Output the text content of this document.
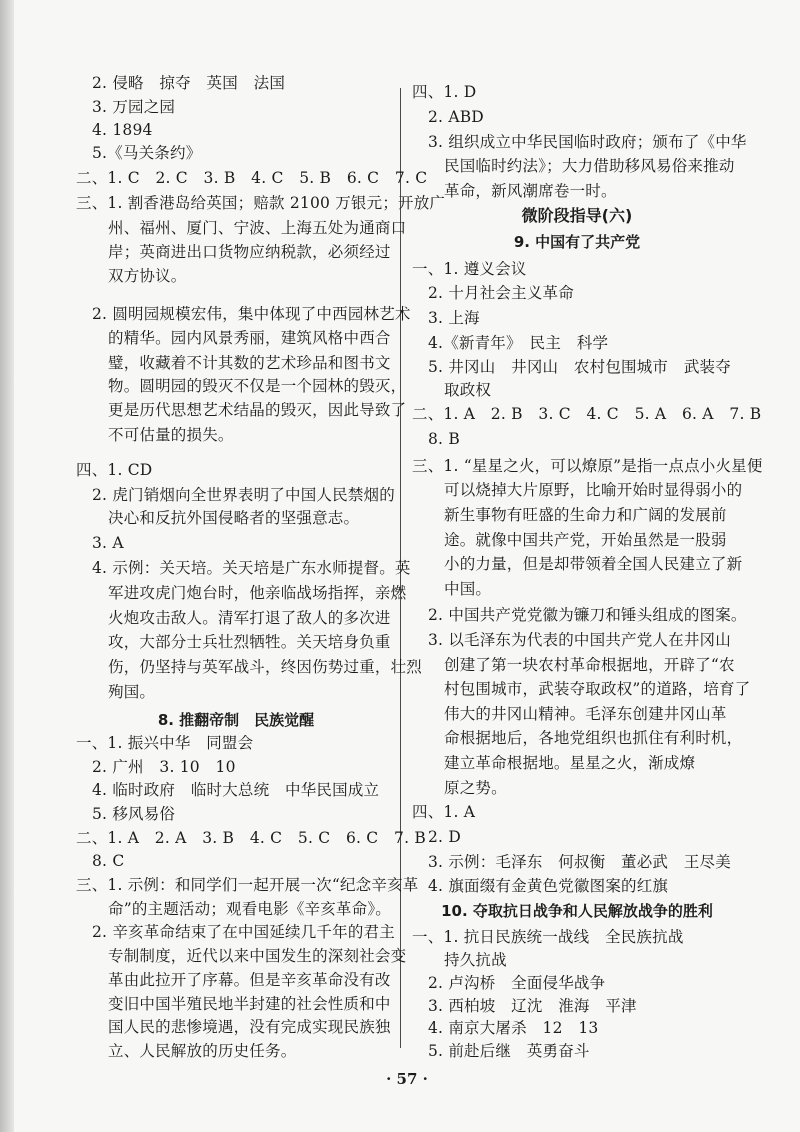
2. 侵略　掠夺　英国　法国
3. 万园之园
4. 1894
5.《马关条约》
二、1. C　2. C　3. B　4. C　5. B　6. C　7. C
三、1. 割香港岛给英国；赔款 2100 万银元；开放广
州、福州、厦门、宁波、上海五处为通商口
岸；英商进出口货物应纳税款，必须经过
双方协议。
2. 圆明园规模宏伟，集中体现了中西园林艺术
的精华。园内风景秀丽，建筑风格中西合
璧，收藏着不计其数的艺术珍品和图书文
物。圆明园的毁灭不仅是一个园林的毁灭，
更是历代思想艺术结晶的毁灭，因此导致了
不可估量的损失。
四、1. CD
2. 虎门销烟向全世界表明了中国人民禁烟的
决心和反抗外国侵略者的坚强意志。
3. A
4. 示例：关天培。关天培是广东水师提督。英
军进攻虎门炮台时，他亲临战场指挥，亲燃
火炮攻击敌人。清军打退了敌人的多次进
攻，大部分士兵壮烈牺牲。关天培身负重
伤，仍坚持与英军战斗，终因伤势过重，壮烈
殉国。
8. 推翻帝制　民族觉醒
一、1. 振兴中华　同盟会
2. 广州　3. 10　10
4. 临时政府　临时大总统　中华民国成立
5. 移风易俗
二、1. A　2. A　3. B　4. C　5. C　6. C　7. B
8. C
三、1. 示例：和同学们一起开展一次“纪念辛亥革
命”的主题活动；观看电影《辛亥革命》。
2. 辛亥革命结束了在中国延续几千年的君主
专制制度，近代以来中国发生的深刻社会变
革由此拉开了序幕。但是辛亥革命没有改
变旧中国半殖民地半封建的社会性质和中
国人民的悲惨境遇，没有完成实现民族独
立、人民解放的历史任务。
四、1. D
2. ABD
3. 组织成立中华民国临时政府；颁布了《中华
民国临时约法》；大力借助移风易俗来推动
革命，新风潮席卷一时。
微阶段指导(六)
9. 中国有了共产党
一、1. 遵义会议
2. 十月社会主义革命
3. 上海
4.《新青年》　民主　科学
5. 井冈山　井冈山　农村包围城市　武装夺
取政权
二、1. A　2. B　3. C　4. C　5. A　6. A　7. B
8. B
三、1. “星星之火，可以燎原”是指一点点小火星便
可以烧掉大片原野，比喻开始时显得弱小的
新生事物有旺盛的生命力和广阔的发展前
途。就像中国共产党，开始虽然是一股弱
小的力量，但是却带领着全国人民建立了新
中国。
2. 中国共产党党徽为镰刀和锤头组成的图案。
3. 以毛泽东为代表的中国共产党人在井冈山
创建了第一块农村革命根据地，开辟了“农
村包围城市，武装夺取政权”的道路，培育了
伟大的井冈山精神。毛泽东创建井冈山革
命根据地后，各地党组织也抓住有利时机，
建立革命根据地。星星之火，渐成燎
原之势。
四、1. A
2. D
3. 示例：毛泽东　何叔衡　董必武　王尽美
4. 旗面缀有金黄色党徽图案的红旗
10. 夺取抗日战争和人民解放战争的胜利
一、1. 抗日民族统一战线　全民族抗战
持久抗战
2. 卢沟桥　全面侵华战争
3. 西柏坡　辽沈　淮海　平津
4. 南京大屠杀　12　13
5. 前赴后继　英勇奋斗
· 57 ·
